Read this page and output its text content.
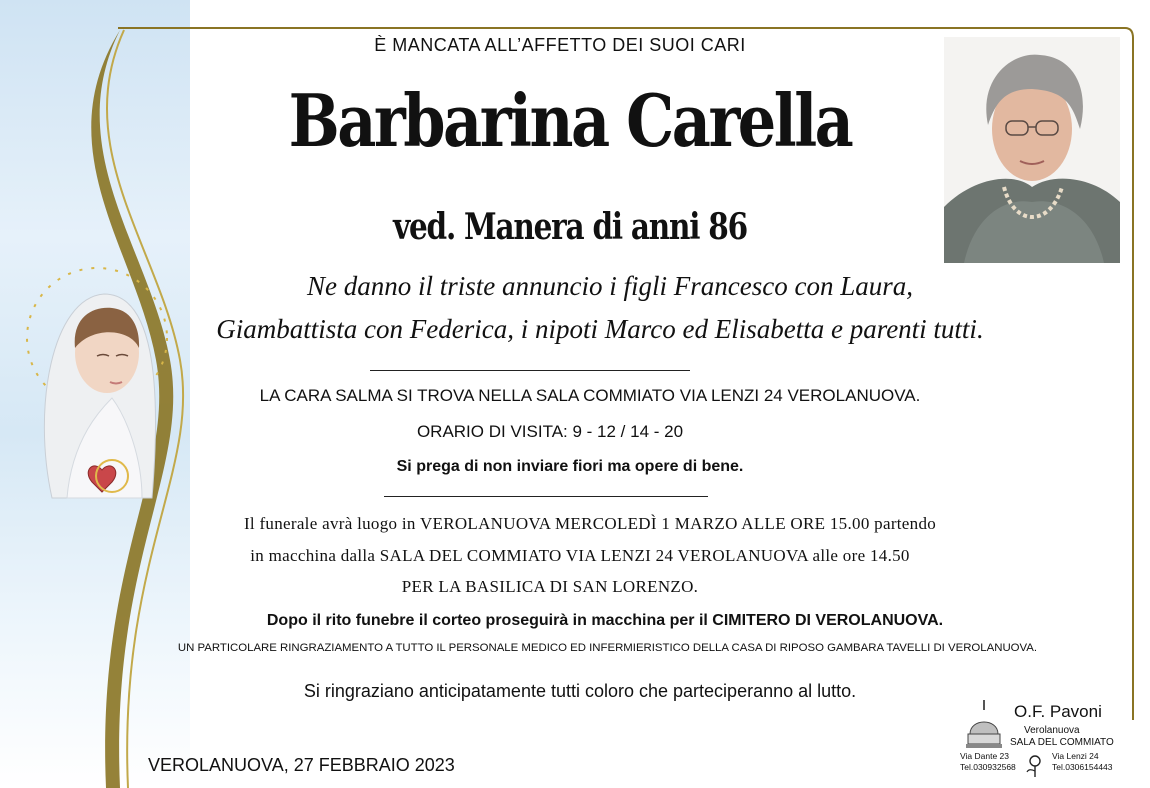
È MANCATA ALL’AFFETTO DEI SUOI CARI
Barbarina Carella
ved. Manera di anni 86
Ne danno il triste annuncio i figli Francesco con Laura,
Giambattista con Federica, i nipoti Marco ed Elisabetta e parenti tutti.
LA CARA SALMA SI TROVA NELLA SALA COMMIATO VIA LENZI 24 VEROLANUOVA.
ORARIO DI VISITA: 9 - 12 / 14 - 20
Si prega di non inviare fiori ma opere di bene.
Il funerale avrà luogo in VEROLANUOVA MERCOLEDÌ 1 MARZO ALLE ORE 15.00 partendo
in macchina dalla SALA DEL COMMIATO VIA LENZI 24 VEROLANUOVA alle ore 14.50
PER LA BASILICA DI SAN LORENZO.
Dopo il rito funebre il corteo proseguirà in macchina per il CIMITERO DI VEROLANUOVA.
UN PARTICOLARE RINGRAZIAMENTO A TUTTO IL PERSONALE MEDICO ED INFERMIERISTICO DELLA CASA DI RIPOSO GAMBARA TAVELLI DI VEROLANUOVA.
Si ringraziano anticipatamente tutti coloro che parteciperanno al lutto.
VEROLANUOVA, 27 FEBBRAIO 2023
O.F. Pavoni
Verolanuova
SALA DEL COMMIATO
Via Dante 23
Tel.030932568
Via Lenzi 24
Tel.0306154443
